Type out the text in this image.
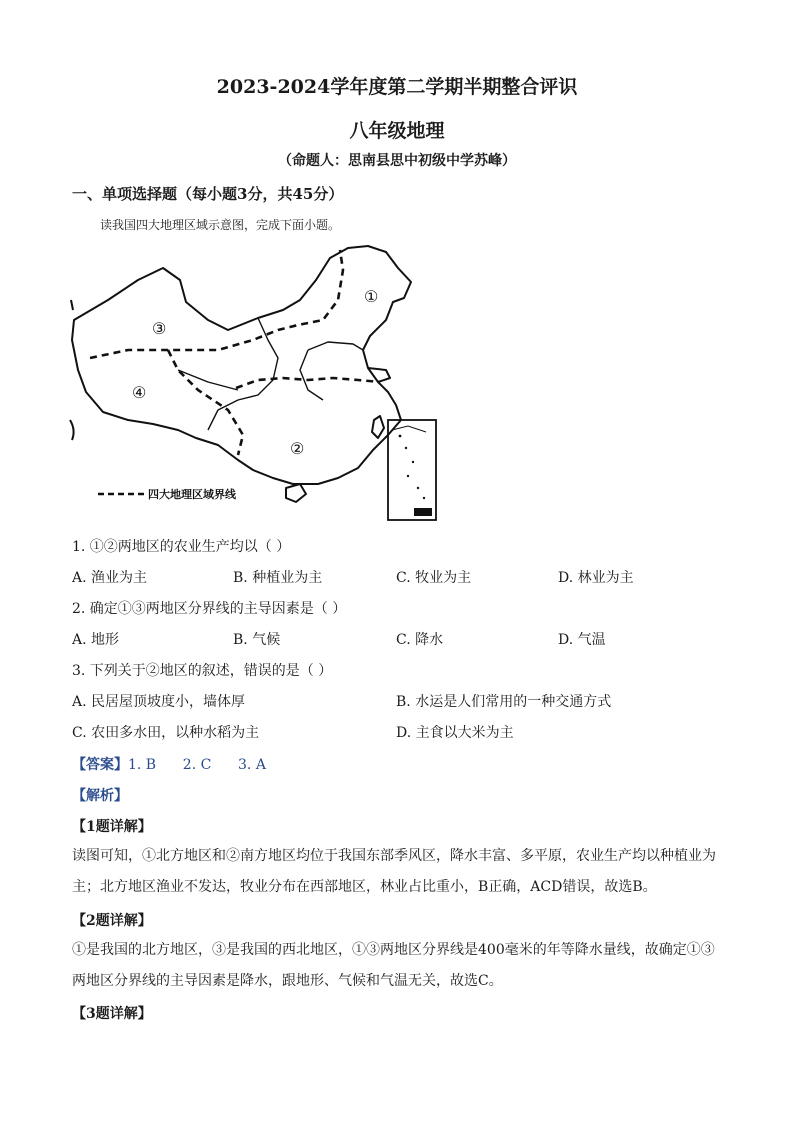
2023-2024学年度第二学期半期整合评识
八年级地理
（命题人：思南县思中初级中学苏峰）
一、单项选择题（每小题3分，共45分）
读我国四大地理区域示意图，完成下面小题。
①
②
③
④
四大地理区域界线
1. ①②两地区的农业生产均以（ ）
A. 渔业为主	B. 种植业为主	C. 牧业为主	D. 林业为主
2. 确定①③两地区分界线的主导因素是（ ）
A. 地形	B. 气候	C. 降水	D. 气温
3. 下列关于②地区的叙述，错误的是（ ）
A. 民居屋顶坡度小，墙体厚	B. 水运是人们常用的一种交通方式
C. 农田多水田，以种水稻为主	D. 主食以大米为主
【答案】1. B      2. C      3. A
【解析】
【1题详解】
读图可知，①北方地区和②南方地区均位于我国东部季风区，降水丰富、多平原，农业生产均以种植业为
主；北方地区渔业不发达，牧业分布在西部地区，林业占比重小，B正确，ACD错误，故选B。
【2题详解】
①是我国的北方地区，③是我国的西北地区，①③两地区分界线是400毫米的年等降水量线，故确定①③
两地区分界线的主导因素是降水，跟地形、气候和气温无关，故选C。
【3题详解】
